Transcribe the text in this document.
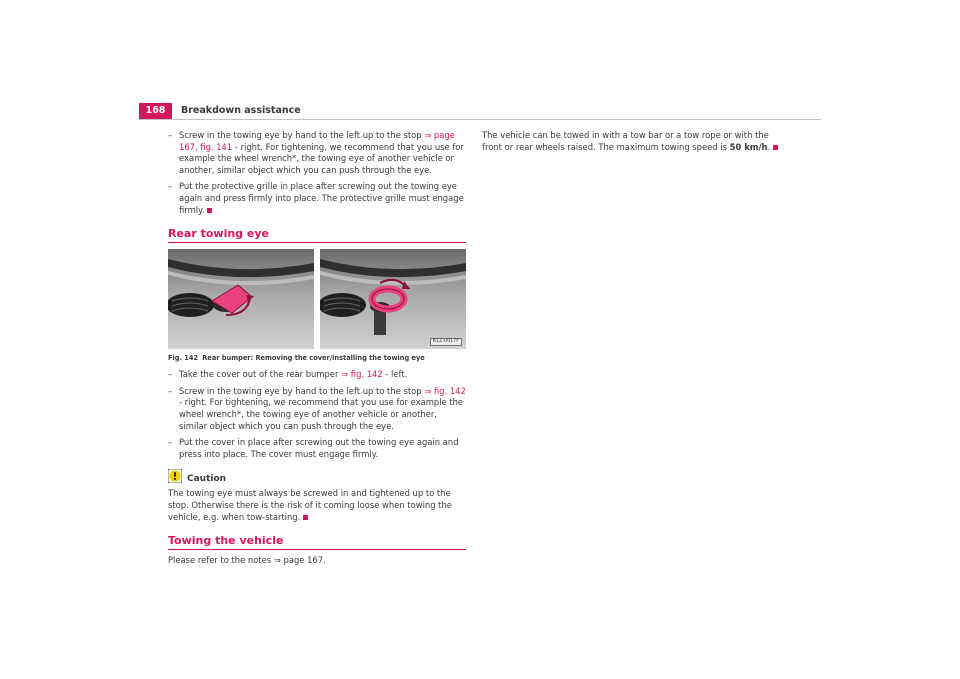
168	Breakdown assistance
– Screw in the towing eye by hand to the left up to the stop ⇒ page 167, fig. 141 - right. For tightening, we recommend that you use for example the wheel wrench*, the towing eye of another vehicle or another, similar object which you can push through the eye.
– Put the protective grille in place after screwing out the towing eye again and press firmly into place. The protective grille must engage firmly.
Rear towing eye
B1Z-0017F
Fig. 142 Rear bumper: Removing the cover/installing the towing eye
– Take the cover out of the rear bumper ⇒ fig. 142 - left.
– Screw in the towing eye by hand to the left up to the stop ⇒ fig. 142 - right. For tightening, we recommend that you use for example the wheel wrench*, the towing eye of another vehicle or another, similar object which you can push through the eye.
– Put the cover in place after screwing out the towing eye again and press into place. The cover must engage firmly.
Caution

The towing eye must always be screwed in and tightened up to the stop. Otherwise there is the risk of it coming loose when towing the vehicle, e.g. when tow-starting.

Towing the vehicle

Please refer to the notes ⇒ page 167.

The vehicle can be towed in with a tow bar or a tow rope or with the front or rear wheels raised. The maximum towing speed is 50 km/h.
